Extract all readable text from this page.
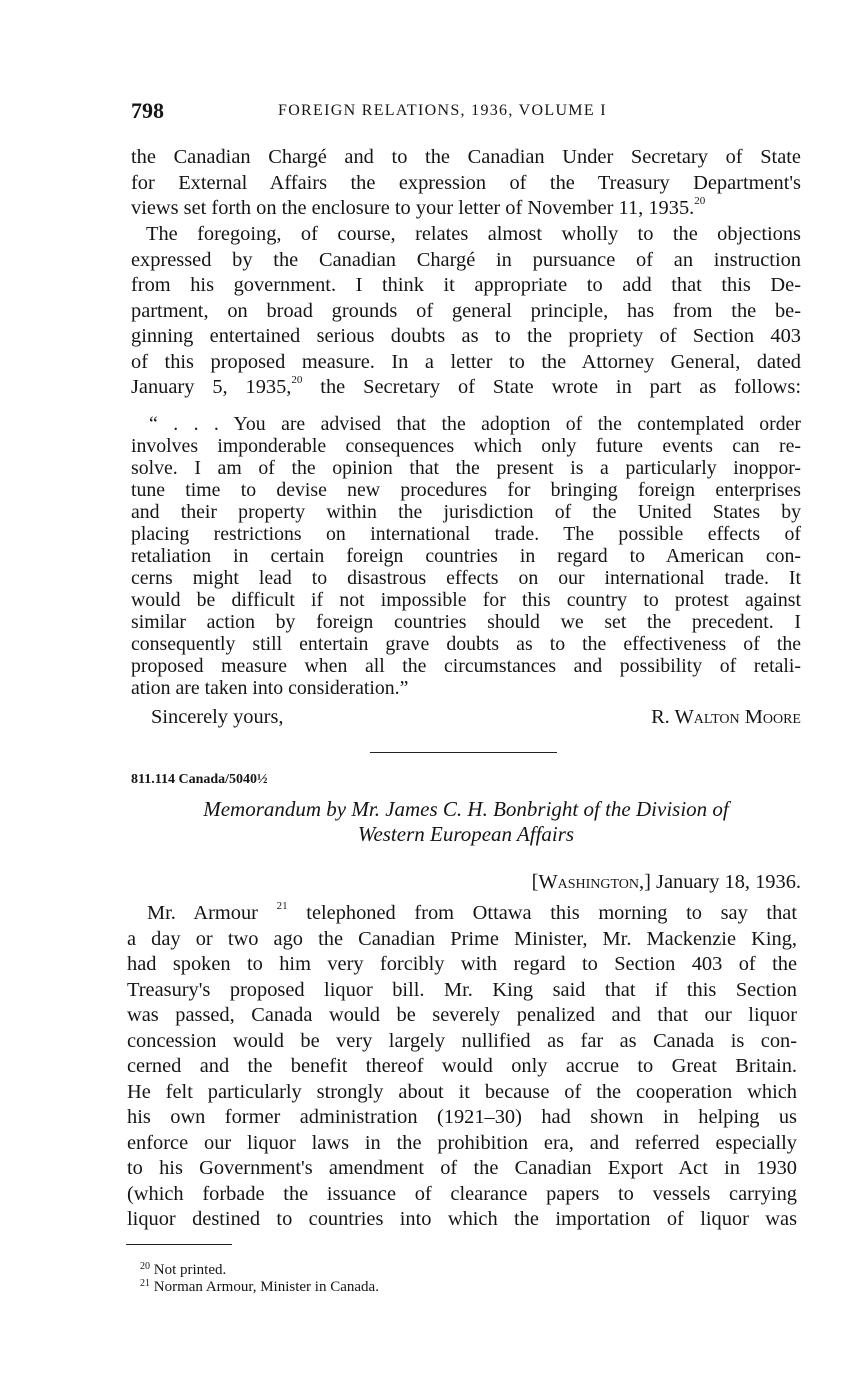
798	FOREIGN RELATIONS, 1936, VOLUME I
the Canadian Chargé and to the Canadian Under Secretary of State
for External Affairs the expression of the Treasury Department's
views set forth on the enclosure to your letter of November 11, 1935.20
The foregoing, of course, relates almost wholly to the objections
expressed by the Canadian Chargé in pursuance of an instruction
from his government. I think it appropriate to add that this De-
partment, on broad grounds of general principle, has from the be-
ginning entertained serious doubts as to the propriety of Section 403
of this proposed measure. In a letter to the Attorney General, dated
January 5, 1935,20 the Secretary of State wrote in part as follows:
“ . . . You are advised that the adoption of the contemplated order
involves imponderable consequences which only future events can re-
solve. I am of the opinion that the present is a particularly inoppor-
tune time to devise new procedures for bringing foreign enterprises
and their property within the jurisdiction of the United States by
placing restrictions on international trade. The possible effects of
retaliation in certain foreign countries in regard to American con-
cerns might lead to disastrous effects on our international trade. It
would be difficult if not impossible for this country to protest against
similar action by foreign countries should we set the precedent. I
consequently still entertain grave doubts as to the effectiveness of the
proposed measure when all the circumstances and possibility of retali-
ation are taken into consideration.”
Sincerely yours,	R. Walton Moore
811.114 Canada/5040½
Memorandum by Mr. James C. H. Bonbright of the Division of
Western European Affairs
[Washington,] January 18, 1936.
Mr. Armour $^{21}$ telephoned from Ottawa this morning to say that
a day or two ago the Canadian Prime Minister, Mr. Mackenzie King,
had spoken to him very forcibly with regard to Section 403 of the
Treasury's proposed liquor bill. Mr. King said that if this Section
was passed, Canada would be severely penalized and that our liquor
concession would be very largely nullified as far as Canada is con-
cerned and the benefit thereof would only accrue to Great Britain.
He felt particularly strongly about it because of the cooperation which
his own former administration (1921–30) had shown in helping us
enforce our liquor laws in the prohibition era, and referred especially
to his Government's amendment of the Canadian Export Act in 1930
(which forbade the issuance of clearance papers to vessels carrying
liquor destined to countries into which the importation of liquor was
$^{20}$ Not printed.
$^{21}$ Norman Armour, Minister in Canada.
